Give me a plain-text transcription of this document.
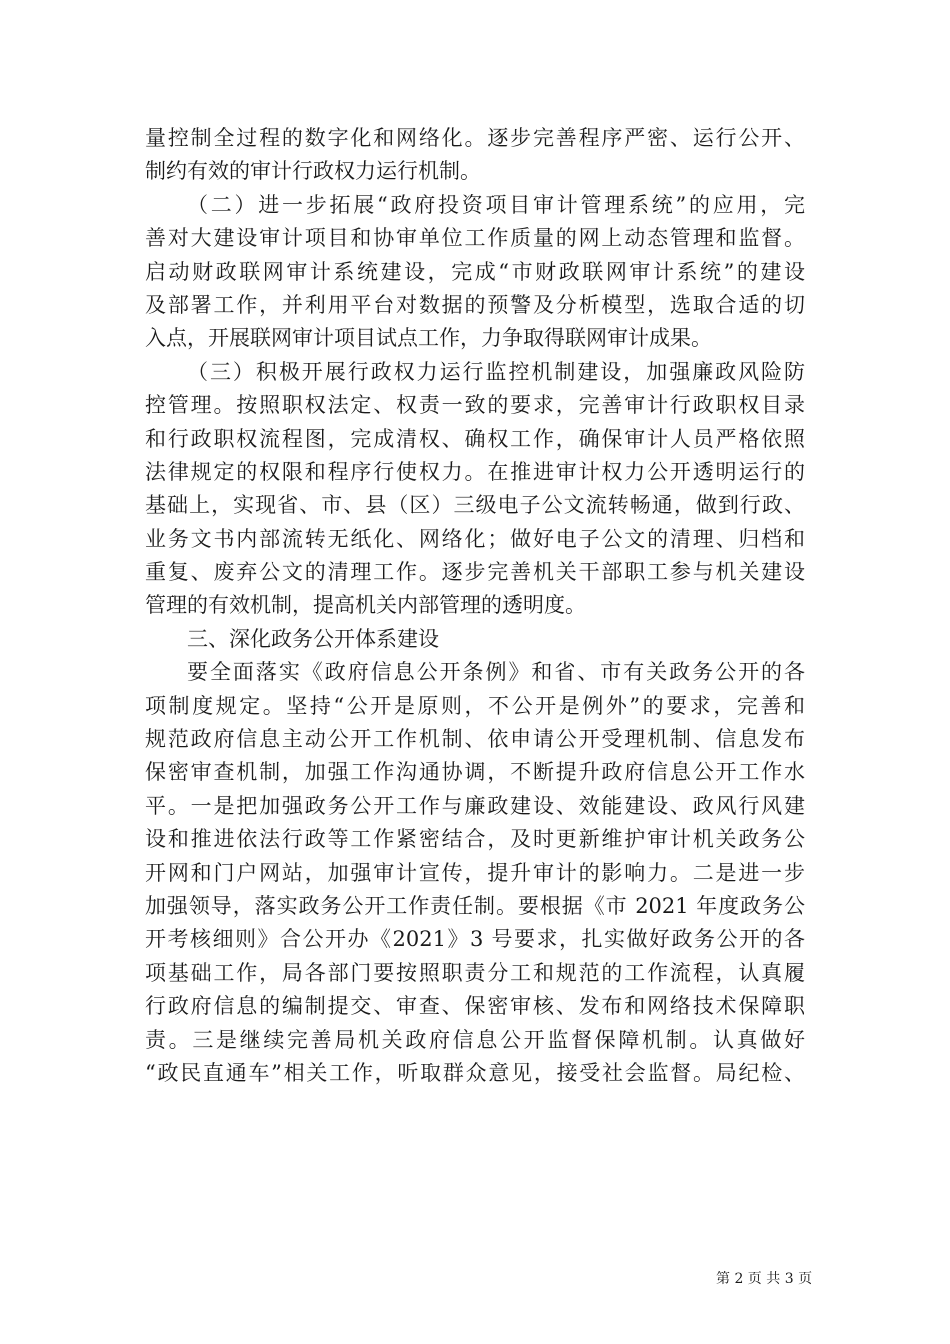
量控制全过程的数字化和网络化。逐步完善程序严密、运行公开、
制约有效的审计行政权力运行机制。
（二）进一步拓展“政府投资项目审计管理系统”的应用，完
善对大建设审计项目和协审单位工作质量的网上动态管理和监督。
启动财政联网审计系统建设，完成“市财政联网审计系统”的建设
及部署工作，并利用平台对数据的预警及分析模型，选取合适的切
入点，开展联网审计项目试点工作，力争取得联网审计成果。
（三）积极开展行政权力运行监控机制建设，加强廉政风险防
控管理。按照职权法定、权责一致的要求，完善审计行政职权目录
和行政职权流程图，完成清权、确权工作，确保审计人员严格依照
法律规定的权限和程序行使权力。在推进审计权力公开透明运行的
基础上，实现省、市、县（区）三级电子公文流转畅通，做到行政、
业务文书内部流转无纸化、网络化；做好电子公文的清理、归档和
重复、废弃公文的清理工作。逐步完善机关干部职工参与机关建设
管理的有效机制，提高机关内部管理的透明度。
三、深化政务公开体系建设
要全面落实《政府信息公开条例》和省、市有关政务公开的各
项制度规定。坚持“公开是原则，不公开是例外”的要求，完善和
规范政府信息主动公开工作机制、依申请公开受理机制、信息发布
保密审查机制，加强工作沟通协调，不断提升政府信息公开工作水
平。一是把加强政务公开工作与廉政建设、效能建设、政风行风建
设和推进依法行政等工作紧密结合，及时更新维护审计机关政务公
开网和门户网站，加强审计宣传，提升审计的影响力。二是进一步
加强领导，落实政务公开工作责任制。要根据《市 2021 年度政务公
开考核细则》合公开办《2021》3 号要求，扎实做好政务公开的各
项基础工作，局各部门要按照职责分工和规范的工作流程，认真履
行政府信息的编制提交、审查、保密审核、发布和网络技术保障职
责。三是继续完善局机关政府信息公开监督保障机制。认真做好
“政民直通车”相关工作，听取群众意见，接受社会监督。局纪检、
第 2 页 共 3 页
